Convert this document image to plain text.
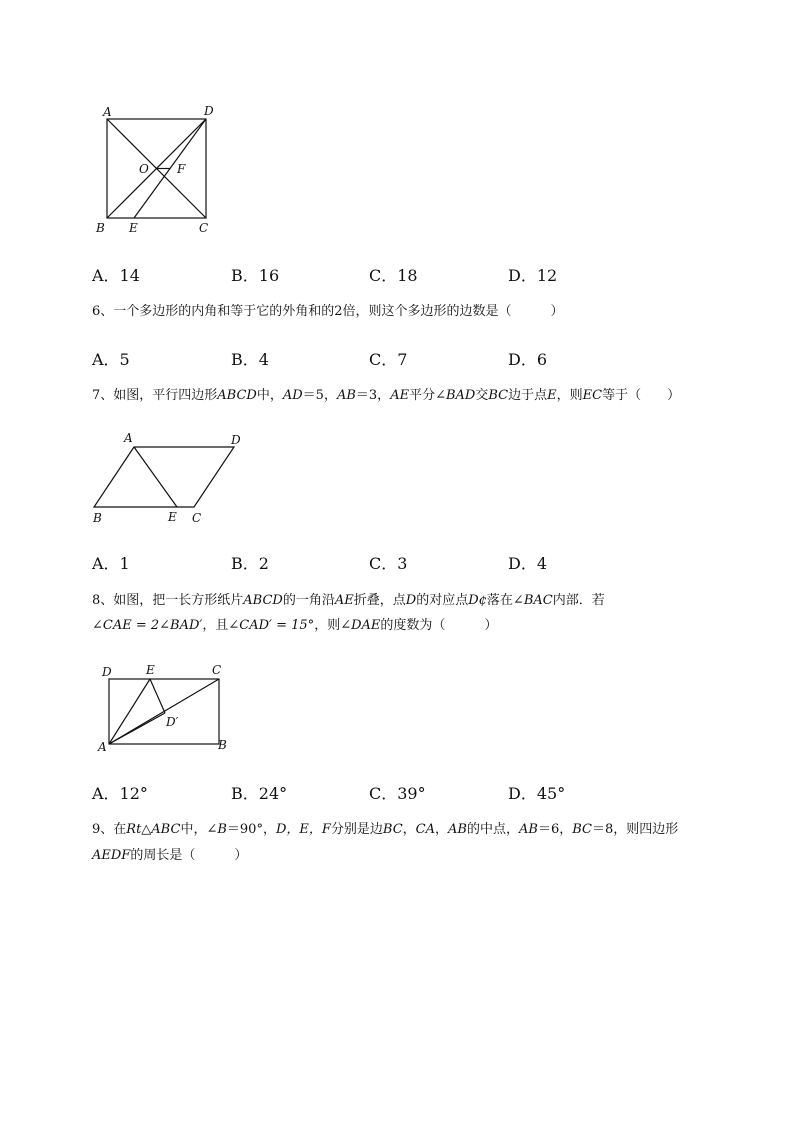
A	D
O F
B E	C
A．14	B．16	C．18	D．12
6、一个多边形的内角和等于它的外角和的2倍，则这个多边形的边数是（　　　）
A．5	B．4	C．7	D．6
7、如图，平行四边形ABCD中，AD＝5，AB＝3，AE平分∠BAD交BC边于点E，则EC等于（　　）
A	D
B	E C
A．1	B．2	C．3	D．4
8、如图，把一长方形纸片ABCD的一角沿AE折叠，点D的对应点D¢落在∠BAC内部．若
∠CAE = 2∠BAD′，且∠CAD′ = 15°，则∠DAE的度数为（　　　）
D	E	C
D′
A	B
A．12°	B．24°	C．39°	D．45°
9、在Rt△ABC中，∠B＝90°，D，E，F分别是边BC，CA，AB的中点，AB＝6，BC＝8，则四边形
AEDF的周长是（　　　）
